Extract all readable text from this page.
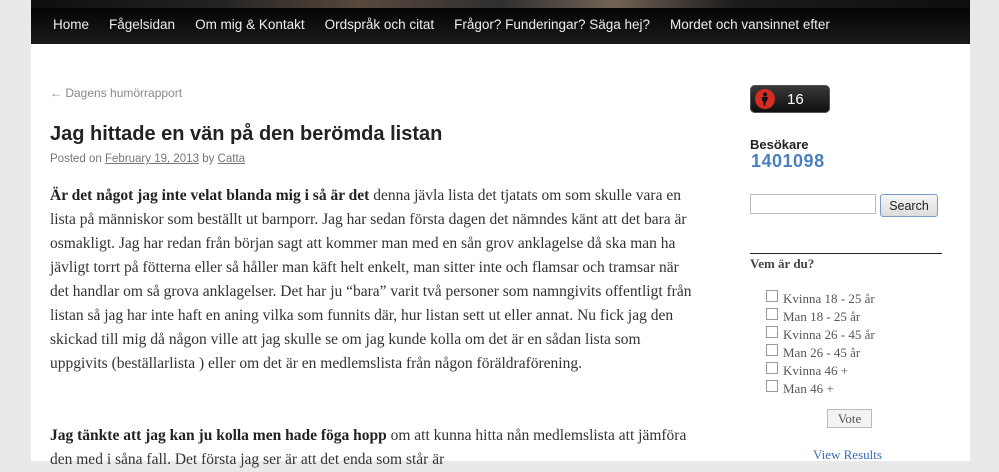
Home	Fågelsidan	Om mig & Kontakt	Ordspråk och citat	Frågor? Funderingar? Säga hej?	Mordet och vansinnet efter
← Dagens humörrapport
Jag hittade en vän på den berömda listan
Posted on February 19, 2013 by Catta

Är det något jag inte velat blanda mig i så är det denna jävla lista det tjatats om som skulle vara en lista på människor som beställt ut barnporr. Jag har sedan första dagen det nämndes känt att det bara är osmakligt. Jag har redan från början sagt att kommer man med en sån grov anklagelse då ska man ha jävligt torrt på fötterna eller så håller man käft helt enkelt, man sitter inte och flamsar och tramsar när det handlar om så grova anklagelser. Det har ju “bara” varit två personer som namngivits offentligt från listan så jag har inte haft en aning vilka som funnits där, hur listan sett ut eller annat. Nu fick jag den skickad till mig då någon ville att jag skulle se om jag kunde kolla om det är en sådan lista som uppgivits (beställarlista ) eller om det är en medlemslista från någon föräldraförening.

Jag tänkte att jag kan ju kolla men hade föga hopp om att kunna hitta nån medlemslista att jämföra den med i såna fall. Det första jag ser är att det enda som står är

16
Besökare
1401098
Search
Vem är du?
Kvinna 18 - 25 år
Man 18 - 25 år
Kvinna 26 - 45 år
Man 26 - 45 år
Kvinna 46 +
Man 46 +
Vote
View Results
